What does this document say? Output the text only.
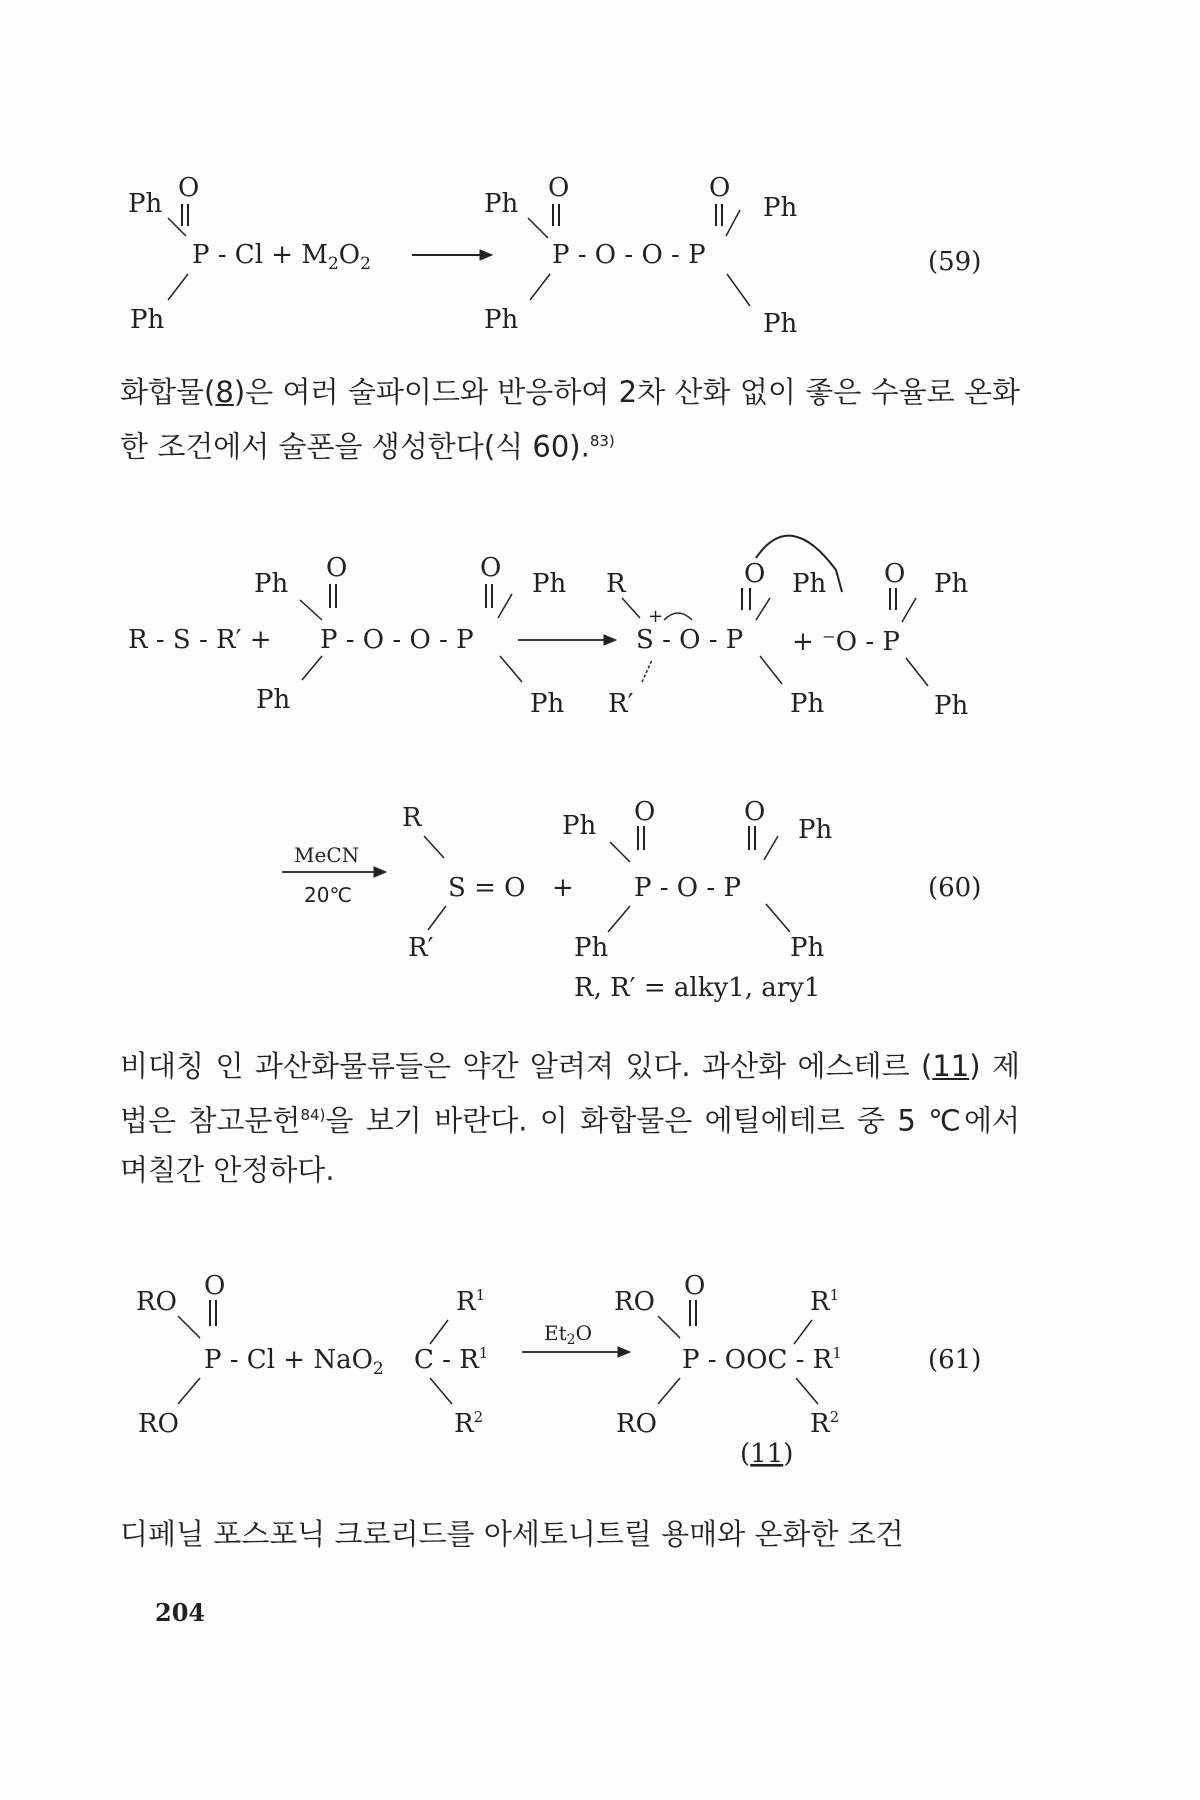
Ph
O
$P - Cl + M_2O_2$
Ph
Ph
O
P - O - O - P
Ph
O
Ph
Ph
(59)

화합물(8)은 여러 술파이드와 반응하여 2차 산화 없이 좋은 수율로 온화한 조건에서 술폰을 생성한다(식 60).$^{83)}$

R - S - R′ +
Ph
O
P - O - O - P
Ph
O
Ph
Ph
R
+
S - O - P
R′
O Ph
Ph
+ ⁻O - P
O Ph
Ph
MeCN
20℃
R
S = O
R′
+
Ph O
P - O - P
Ph
O
Ph
Ph
(60)
R, R′ = alky1, ary1

비대칭 인 과산화물류들은 약간 알려져 있다. 과산화 에스테르 (11) 제법은 참고문헌$^{84)}$을 보기 바란다. 이 화합물은 에틸에테르 중 5 ℃에서 며칠간 안정하다.

RO
O
P - Cl + NaO$_2$
RO
$R^1$
C - $R^1$
$R^2$
$Et_2O$
RO
O
P - OOC - $R^1$
RO
$R^1$
$R^2$
(61)
(11)

디페닐 포스포닉 크로리드를 아세토니트릴 용매와 온화한 조건

204
